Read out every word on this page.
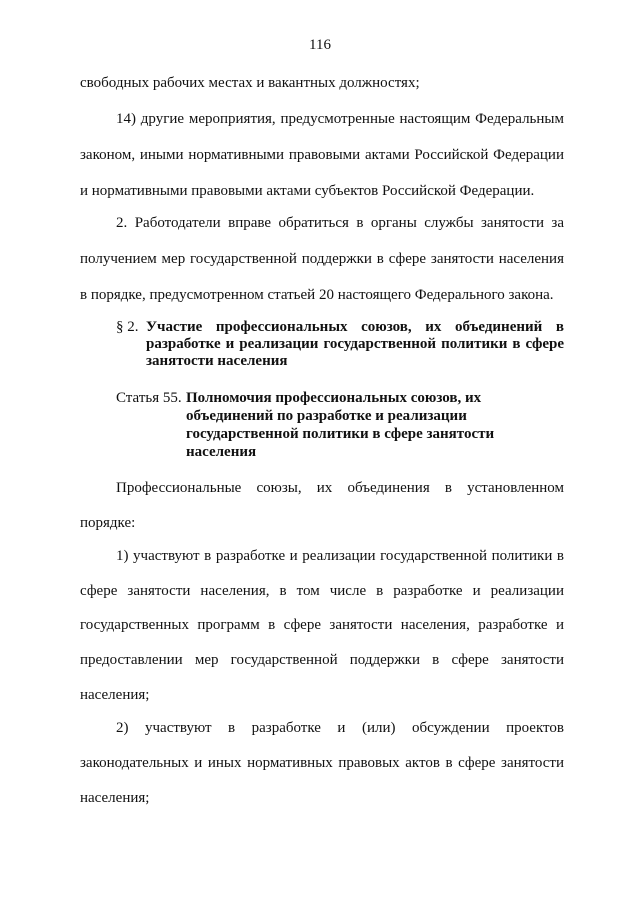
116
свободных рабочих местах и вакантных должностях;
14) другие мероприятия, предусмотренные настоящим Федеральным
законом, иными нормативными правовыми актами Российской Федерации
и нормативными правовыми актами субъектов Российской Федерации.
2. Работодатели вправе обратиться в органы службы занятости за
получением мер государственной поддержки в сфере занятости населения
в порядке, предусмотренном статьей 20 настоящего Федерального закона.
§ 2. Участие профессиональных союзов, их объединений в
разработке и реализации государственной политики в сфере
занятости населения
Статья 55. Полномочия профессиональных союзов, их
объединений по разработке и реализации
государственной политики в сфере занятости
населения
Профессиональные союзы, их объединения в установленном
порядке:
1) участвуют в разработке и реализации государственной политики в
сфере занятости населения, в том числе в разработке и реализации
государственных программ в сфере занятости населения, разработке и
предоставлении мер государственной поддержки в сфере занятости
населения;
2) участвуют в разработке и (или) обсуждении проектов
законодательных и иных нормативных правовых актов в сфере занятости
населения;
